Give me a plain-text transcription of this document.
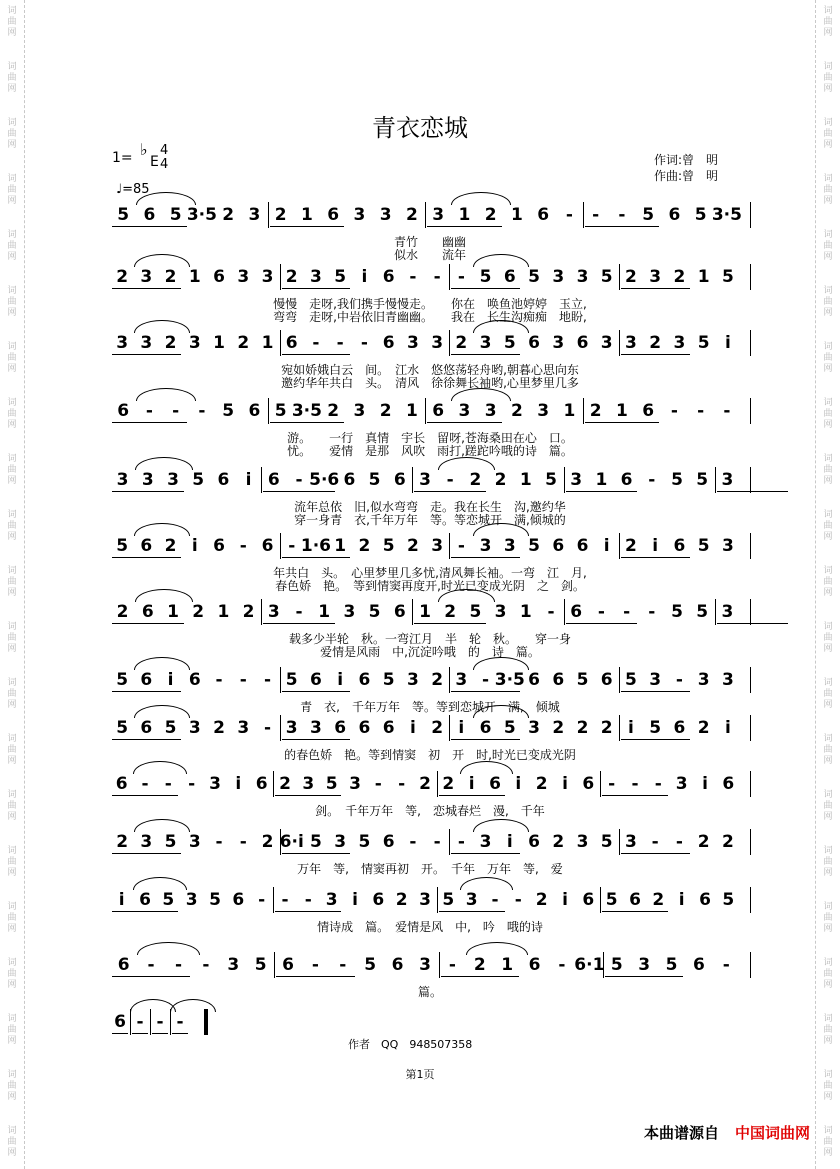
词
曲
网
词
曲
网
词
曲
网
词
曲
网
词
曲
网
词
曲
网
词
曲
网
词
曲
网
词
曲
网
词
曲
网
词
曲
网
词
曲
网
词
曲
网
词
曲
网
词
曲
网
词
曲
网
词
曲
网
词
曲
网
词
曲
网
词
曲
网
词
曲
网
词
曲
网
词
曲
网
词
曲
网
词
曲
网
词
曲
网
词
曲
网
词
曲
网
词
曲
网
词
曲
网
词
曲
网
词
曲
网
词
曲
网
词
曲
网
词
曲
网
词
曲
网
词
曲
网
词
曲
网
词
曲
网
词
曲
网
词
曲
网
词
曲
网
青衣恋城
1= ♭
E
4
4
♩=85
作词:曾　明
作曲:曾　明
5 6 5 3·5 2 3 2 1 6 3 3 2 3 1 2 1 6 - - - 5 6 5 3·5
青竹　　幽幽
似水　　流年
2 3 2 1 6 3 3 2 3 5 i 6 - - - 5 6 5 3 3 5 2 3 2 1 5
慢慢　走呀,我们携手慢慢走。　　你在　唤鱼池婷婷　玉立,
弯弯　走呀,中岩依旧青幽幽。　　我在　长生沟痴痴　地盼,
3 3 2 3 1 2 1 6 - - - 6 3 3 2 3 5 6 3 6 3 3 2 3 5 i
宛如娇娥白云　间。　江水　悠悠荡轻舟哟,朝暮心思向东
邀约华年共白　头。　清风　徐徐舞长袖哟,心里梦里几多
6 - - - 5 6 5 3·5 2 3 2 1 6 3 3 2 3 1 2 1 6 - - -
游。　　一行　真情　宇长　留呀,苍海桑田在心　口。
忧。　　爱情　是那　风吹　雨打,蹉跎吟哦的诗　篇。
3 3 3 5 6 i 6 - 5·6 6 5 6 3 - 2 2 1 5 3 1 6 - 5 5 3
流年总依　旧,似水弯弯　走。我在长生　沟,邀约华
穿一身青　衣,千年万年　等。等恋城开　满,倾城的
5 6 2 i 6 - 6 - 1·6 1 2 5 2 3 - 3 3 5 6 6 i 2 i 6 5 3
年共白　头。　心里梦里几多忧,清风舞长袖。一弯　江　月,
春色娇　艳。　等到情窦再度开,时光已变成光阴　之　剑。
2 6 1 2 1 2 3 - 1 3 5 6 1 2 5 3 1 - 6 - - - 5 5 3
载多少半轮　秋。一弯江月　半　轮　秋。　　穿一身
爱情是风雨　中,沉淀吟哦　的　诗　篇。
5 6 i 6 - - - 5 6 i 6 5 3 2 3 - 3·5 6 6 5 6 5 3 - 3 3
青　衣,　千年万年　等。等到恋城开　满,　倾城
5 6 5 3 2 3 - 3 3 6 6 6 i 2 i 6 5 3 2 2 2 i 5 6 2 i
的春色娇　艳。等到情窦　初　开　时,时光已变成光阴
6 - - - 3 i 6 2 3 5 3 - - 2 2 i 6 i 2 i 6 - - - 3 i 6
剑。　千年万年　等,　恋城春烂　漫,　千年
2 3 5 3 - - 2 6·i 5 3 5 6 - - - 3 i 6 2 3 5 3 - - 2 2
万年　等,　情窦再初　开。　千年　万年　等,　爱
i 6 5 3 5 6 - - - 3 i 6 2 3 5 3 - - 2 i 6 5 6 2 i 6 5
情诗成　篇。　爱情是风　中,　吟　哦的诗
6 - - - 3 5 6 - - 5 6 3 - 2 1 6 - 6·1 5 3 5 6 -
篇。
6 - - -
作者　QQ　948507358
第1页
本曲谱源自 中国词曲网
